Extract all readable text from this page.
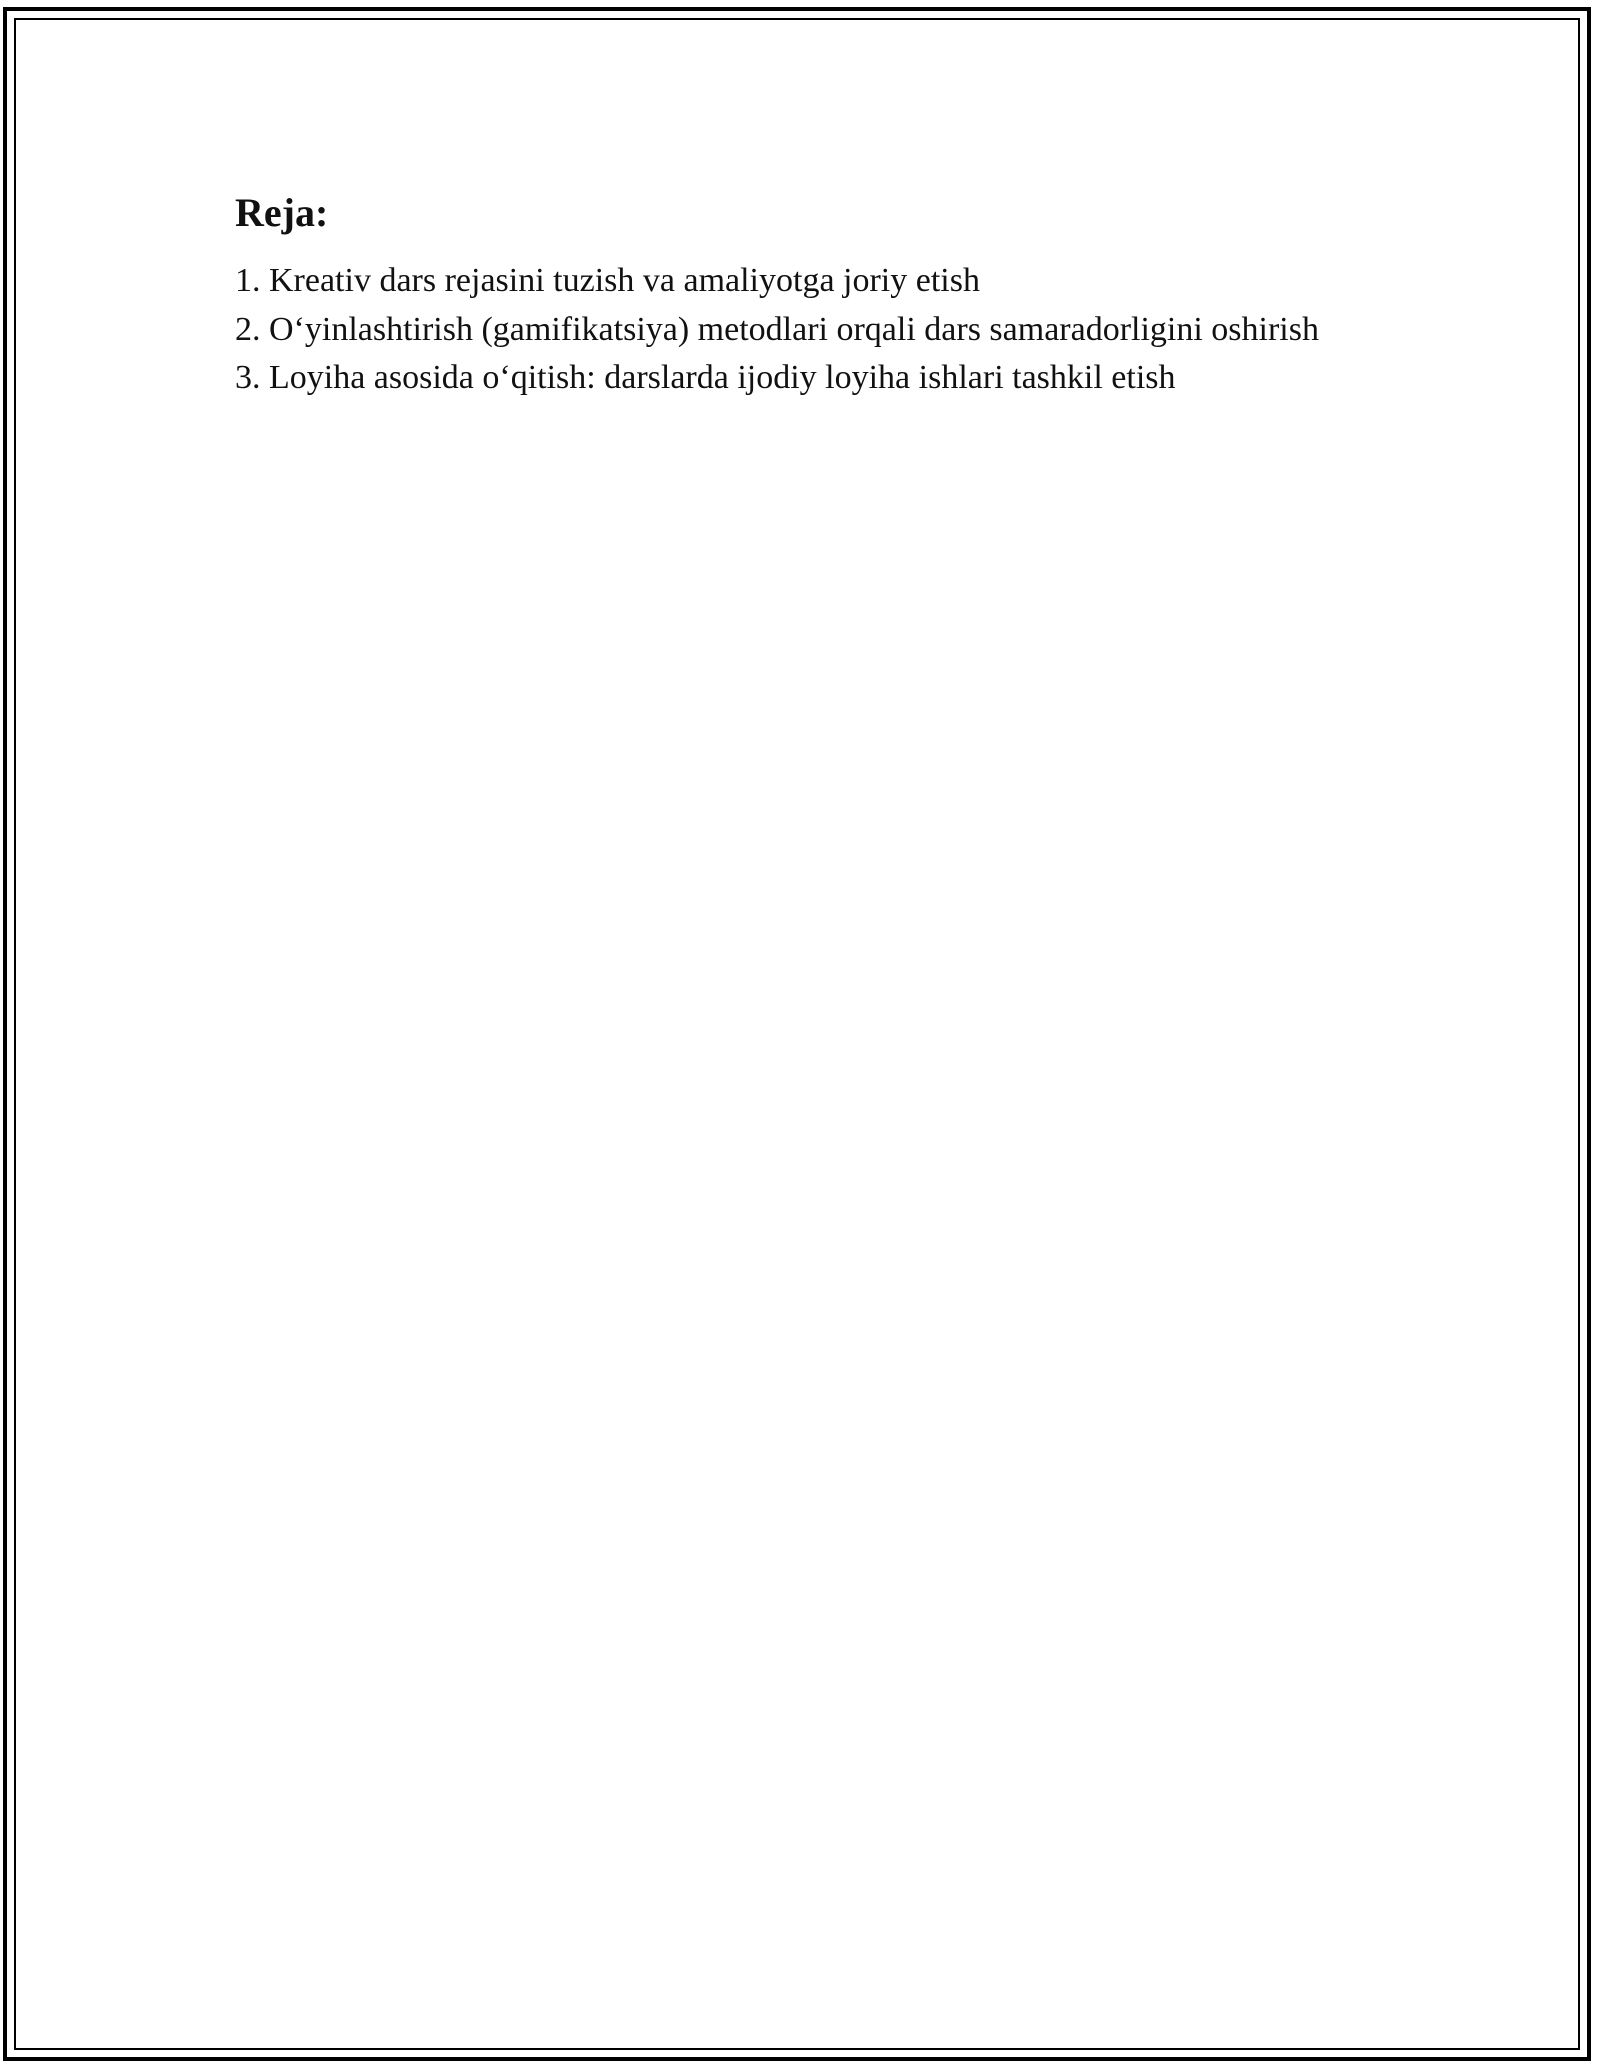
Reja:
1. Kreativ dars rejasini tuzish va amaliyotga joriy etish
2. O‘yinlashtirish (gamifikatsiya) metodlari orqali dars samaradorligini oshirish
3. Loyiha asosida o‘qitish: darslarda ijodiy loyiha ishlari tashkil etish
